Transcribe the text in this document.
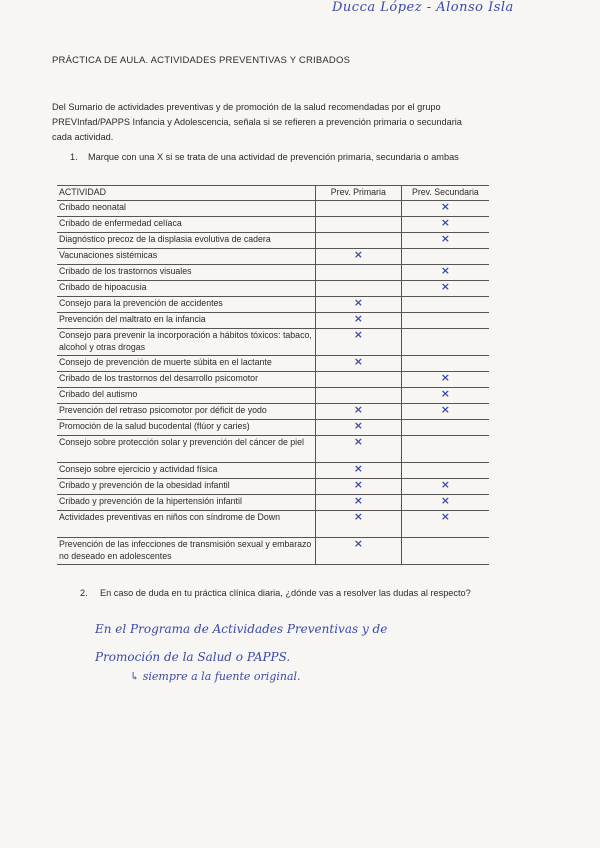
Ducca López - Alonso Isla
PRÁCTICA DE AULA. ACTIVIDADES PREVENTIVAS Y CRIBADOS
Del Sumario de actividades preventivas y de promoción de la salud recomendadas por el grupo PREVInfad/PAPPS Infancia y Adolescencia, señala si se refieren a prevención primaria o secundaria cada actividad.
1. Marque con una X si se trata de una actividad de prevención primaria, secundaria o ambas
ACTIVIDAD	Prev. Primaria	Prev. Secundaria
Cribado neonatal		×
Cribado de enfermedad celíaca		×
Diagnóstico precoz de la displasia evolutiva de cadera		×
Vacunaciones sistémicas	×	
Cribado de los trastornos visuales		×
Cribado de hipoacusia		×
Consejo para la prevención de accidentes	×	
Prevención del maltrato en la infancia	×	
Consejo para prevenir la incorporación a hábitos tóxicos: tabaco, alcohol y otras drogas	×	
Consejo de prevención de muerte súbita en el lactante	×	
Cribado de los trastornos del desarrollo psicomotor		×
Cribado del autismo		×
Prevención del retraso psicomotor por déficit de yodo	×	×
Promoción de la salud bucodental (flúor y caries)	×	
Consejo sobre protección solar y prevención del cáncer de piel	×	
Consejo sobre ejercicio y actividad física	×	
Cribado y prevención de la obesidad infantil	×	×
Cribado y prevención de la hipertensión infantil	×	×
Actividades preventivas en niños con síndrome de Down	×	×
Prevención de las infecciones de transmisión sexual y embarazo no deseado en adolescentes	×	
2. En caso de duda en tu práctica clínica diaria, ¿dónde vas a resolver las dudas al respecto?
En el Programa de Actividades Preventivas y de
Promoción de la Salud o PAPPS.
↳ siempre a la fuente original.
